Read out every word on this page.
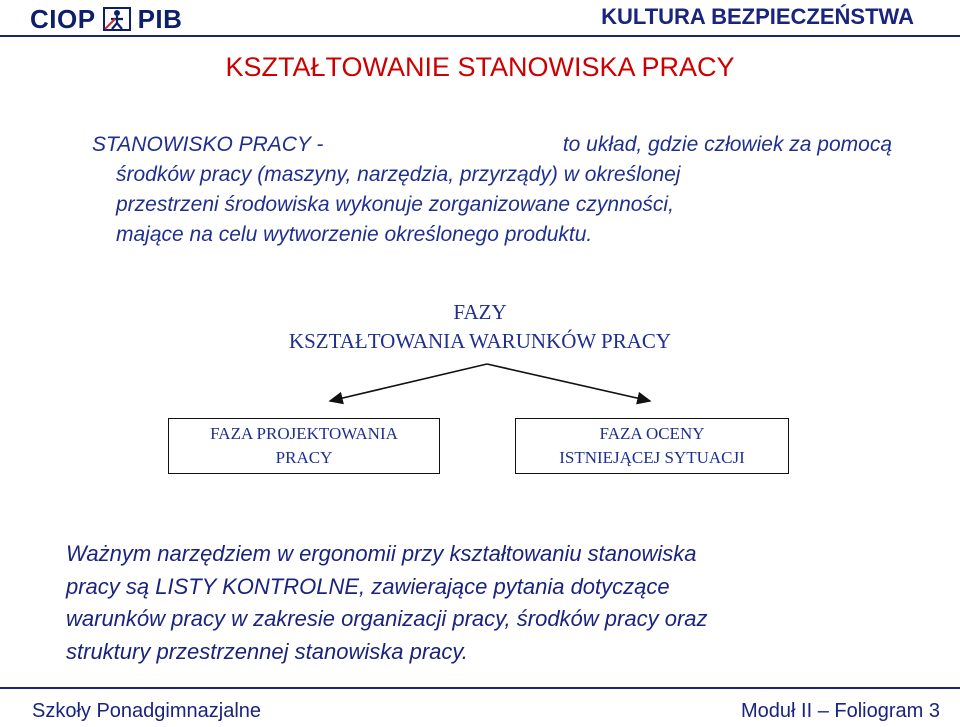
CIOP PIB	KULTURA BEZPIECZEŃSTWA
KSZTAŁTOWANIE STANOWISKA PRACY
STANOWISKO PRACY -	to układ, gdzie człowiek za pomocą
środków pracy (maszyny, narzędzia, przyrządy) w określonej
przestrzeni środowiska wykonuje zorganizowane czynności,
mające na celu wytworzenie określonego produktu.
FAZY
KSZTAŁTOWANIA WARUNKÓW PRACY
FAZA PROJEKTOWANIA
PRACY
FAZA OCENY
ISTNIEJĄCEJ SYTUACJI
Ważnym narzędziem w ergonomii przy kształtowaniu stanowiska
pracy są LISTY KONTROLNE, zawierające pytania dotyczące
warunków pracy w zakresie organizacji pracy, środków pracy oraz
struktury przestrzennej stanowiska pracy.
Szkoły Ponadgimnazjalne	Moduł II – Foliogram 3
